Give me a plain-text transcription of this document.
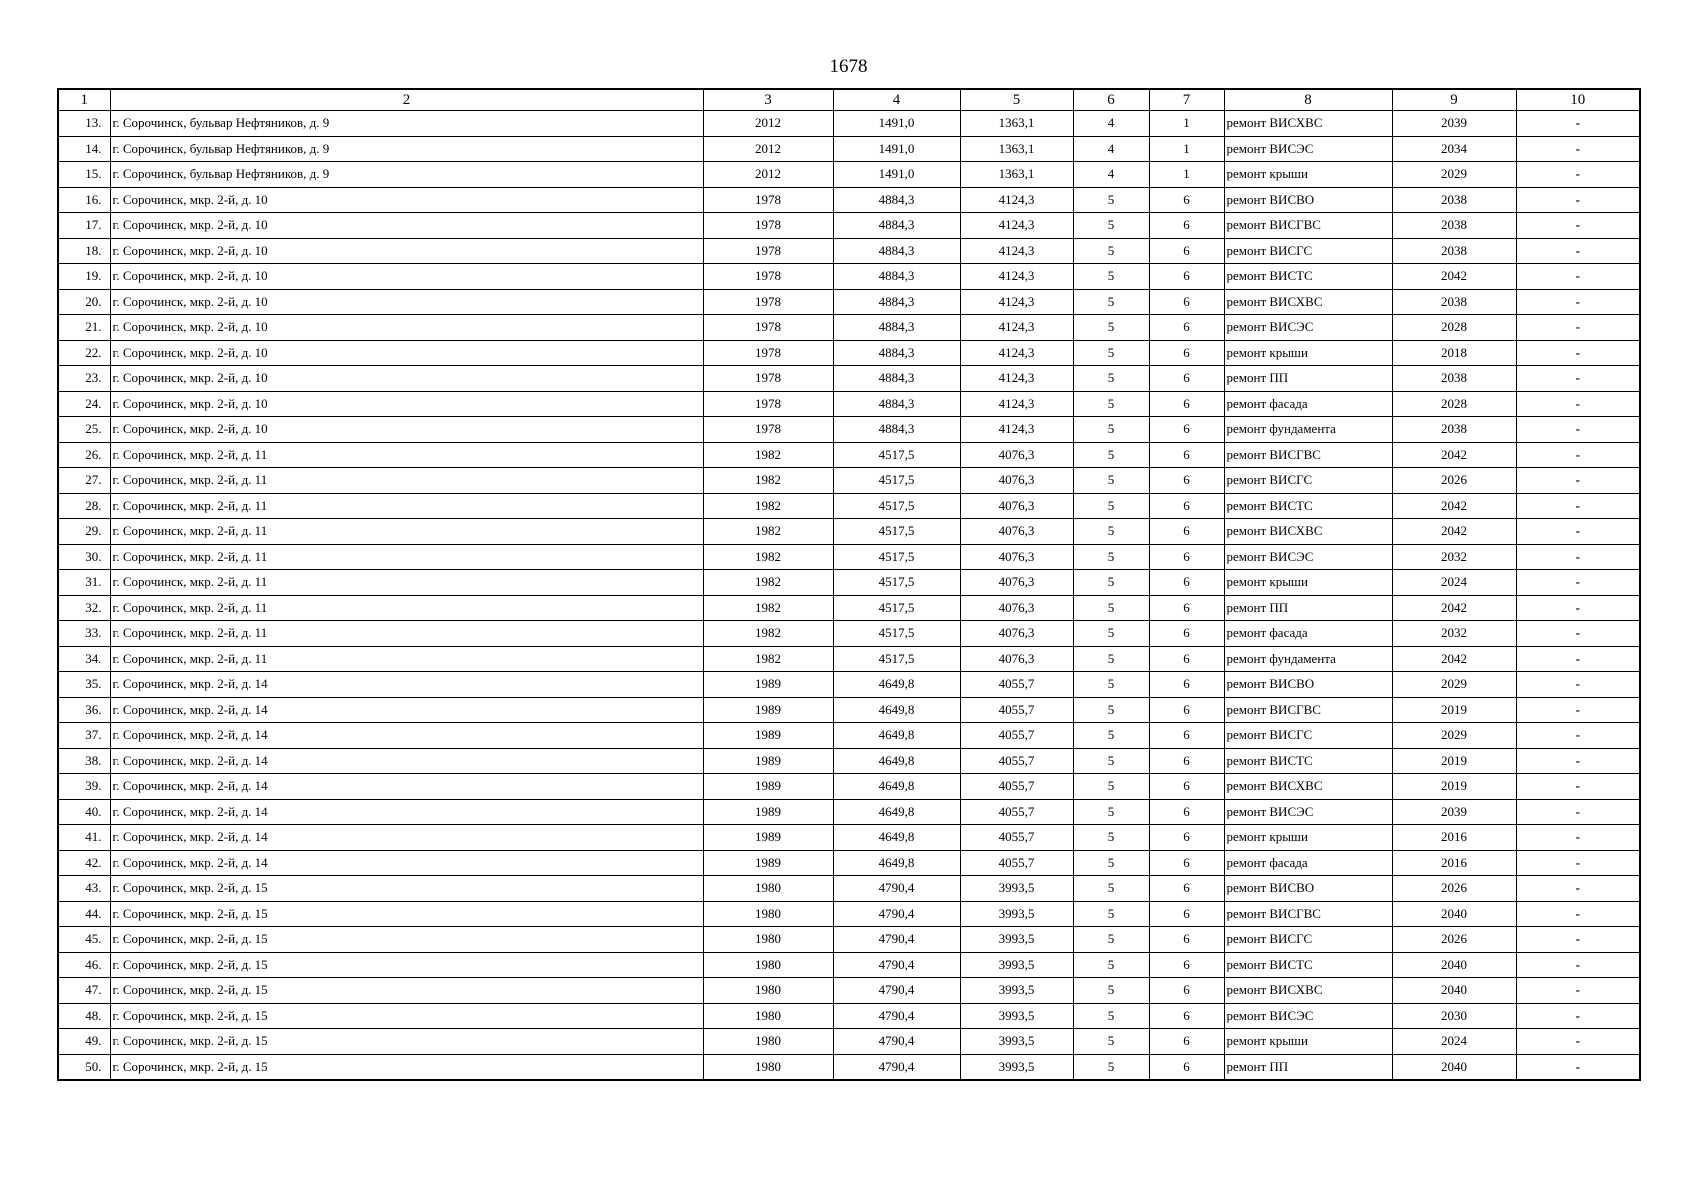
1678
1	2	3	4	5	6	7	8	9	10
13.	г. Сорочинск, бульвар Нефтяников, д. 9	2012	1491,0	1363,1	4	1	ремонт ВИСХВС	2039	-
14.	г. Сорочинск, бульвар Нефтяников, д. 9	2012	1491,0	1363,1	4	1	ремонт ВИСЭС	2034	-
15.	г. Сорочинск, бульвар Нефтяников, д. 9	2012	1491,0	1363,1	4	1	ремонт крыши	2029	-
16.	г. Сорочинск, мкр. 2-й, д. 10	1978	4884,3	4124,3	5	6	ремонт ВИСВО	2038	-
17.	г. Сорочинск, мкр. 2-й, д. 10	1978	4884,3	4124,3	5	6	ремонт ВИСГВС	2038	-
18.	г. Сорочинск, мкр. 2-й, д. 10	1978	4884,3	4124,3	5	6	ремонт ВИСГС	2038	-
19.	г. Сорочинск, мкр. 2-й, д. 10	1978	4884,3	4124,3	5	6	ремонт ВИСТС	2042	-
20.	г. Сорочинск, мкр. 2-й, д. 10	1978	4884,3	4124,3	5	6	ремонт ВИСХВС	2038	-
21.	г. Сорочинск, мкр. 2-й, д. 10	1978	4884,3	4124,3	5	6	ремонт ВИСЭС	2028	-
22.	г. Сорочинск, мкр. 2-й, д. 10	1978	4884,3	4124,3	5	6	ремонт крыши	2018	-
23.	г. Сорочинск, мкр. 2-й, д. 10	1978	4884,3	4124,3	5	6	ремонт ПП	2038	-
24.	г. Сорочинск, мкр. 2-й, д. 10	1978	4884,3	4124,3	5	6	ремонт фасада	2028	-
25.	г. Сорочинск, мкр. 2-й, д. 10	1978	4884,3	4124,3	5	6	ремонт фундамента	2038	-
26.	г. Сорочинск, мкр. 2-й, д. 11	1982	4517,5	4076,3	5	6	ремонт ВИСГВС	2042	-
27.	г. Сорочинск, мкр. 2-й, д. 11	1982	4517,5	4076,3	5	6	ремонт ВИСГС	2026	-
28.	г. Сорочинск, мкр. 2-й, д. 11	1982	4517,5	4076,3	5	6	ремонт ВИСТС	2042	-
29.	г. Сорочинск, мкр. 2-й, д. 11	1982	4517,5	4076,3	5	6	ремонт ВИСХВС	2042	-
30.	г. Сорочинск, мкр. 2-й, д. 11	1982	4517,5	4076,3	5	6	ремонт ВИСЭС	2032	-
31.	г. Сорочинск, мкр. 2-й, д. 11	1982	4517,5	4076,3	5	6	ремонт крыши	2024	-
32.	г. Сорочинск, мкр. 2-й, д. 11	1982	4517,5	4076,3	5	6	ремонт ПП	2042	-
33.	г. Сорочинск, мкр. 2-й, д. 11	1982	4517,5	4076,3	5	6	ремонт фасада	2032	-
34.	г. Сорочинск, мкр. 2-й, д. 11	1982	4517,5	4076,3	5	6	ремонт фундамента	2042	-
35.	г. Сорочинск, мкр. 2-й, д. 14	1989	4649,8	4055,7	5	6	ремонт ВИСВО	2029	-
36.	г. Сорочинск, мкр. 2-й, д. 14	1989	4649,8	4055,7	5	6	ремонт ВИСГВС	2019	-
37.	г. Сорочинск, мкр. 2-й, д. 14	1989	4649,8	4055,7	5	6	ремонт ВИСГС	2029	-
38.	г. Сорочинск, мкр. 2-й, д. 14	1989	4649,8	4055,7	5	6	ремонт ВИСТС	2019	-
39.	г. Сорочинск, мкр. 2-й, д. 14	1989	4649,8	4055,7	5	6	ремонт ВИСХВС	2019	-
40.	г. Сорочинск, мкр. 2-й, д. 14	1989	4649,8	4055,7	5	6	ремонт ВИСЭС	2039	-
41.	г. Сорочинск, мкр. 2-й, д. 14	1989	4649,8	4055,7	5	6	ремонт крыши	2016	-
42.	г. Сорочинск, мкр. 2-й, д. 14	1989	4649,8	4055,7	5	6	ремонт фасада	2016	-
43.	г. Сорочинск, мкр. 2-й, д. 15	1980	4790,4	3993,5	5	6	ремонт ВИСВО	2026	-
44.	г. Сорочинск, мкр. 2-й, д. 15	1980	4790,4	3993,5	5	6	ремонт ВИСГВС	2040	-
45.	г. Сорочинск, мкр. 2-й, д. 15	1980	4790,4	3993,5	5	6	ремонт ВИСГС	2026	-
46.	г. Сорочинск, мкр. 2-й, д. 15	1980	4790,4	3993,5	5	6	ремонт ВИСТС	2040	-
47.	г. Сорочинск, мкр. 2-й, д. 15	1980	4790,4	3993,5	5	6	ремонт ВИСХВС	2040	-
48.	г. Сорочинск, мкр. 2-й, д. 15	1980	4790,4	3993,5	5	6	ремонт ВИСЭС	2030	-
49.	г. Сорочинск, мкр. 2-й, д. 15	1980	4790,4	3993,5	5	6	ремонт крыши	2024	-
50.	г. Сорочинск, мкр. 2-й, д. 15	1980	4790,4	3993,5	5	6	ремонт ПП	2040	-
